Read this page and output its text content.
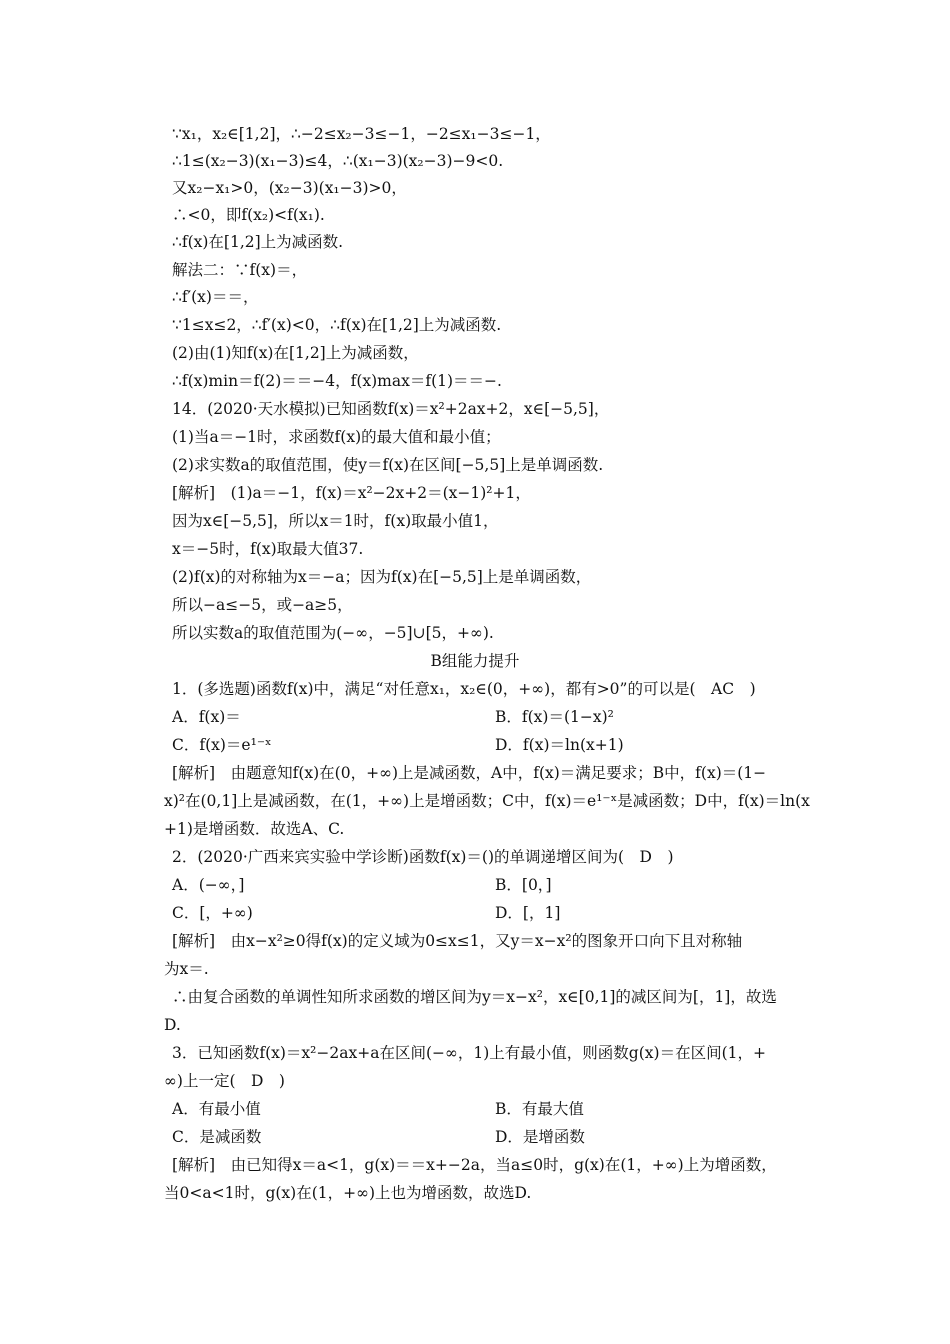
∵x₁，x₂∈[1,2]，∴−2≤x₂−3≤−1，−2≤x₁−3≤−1，
∴1≤(x₂−3)(x₁−3)≤4，∴(x₁−3)(x₂−3)−9<0.
又x₂−x₁>0，(x₂−3)(x₁−3)>0，
∴<0，即f(x₂)<f(x₁).
∴f(x)在[1,2]上为减函数.
解法二：∵f(x)＝，
∴f′(x)＝＝，
∵1≤x≤2，∴f′(x)<0，∴f(x)在[1,2]上为减函数.
(2)由(1)知f(x)在[1,2]上为减函数，
∴f(x)min＝f(2)＝＝−4，f(x)max＝f(1)＝＝−.
14．(2020·天水模拟)已知函数f(x)＝x²+2ax+2，x∈[−5,5]，
(1)当a＝−1时，求函数f(x)的最大值和最小值；
(2)求实数a的取值范围，使y＝f(x)在区间[−5,5]上是单调函数.
[解析]　(1)a＝−1，f(x)＝x²−2x+2＝(x−1)²+1，
因为x∈[−5,5]，所以x＝1时，f(x)取最小值1，
x＝−5时，f(x)取最大值37.
(2)f(x)的对称轴为x＝−a；因为f(x)在[−5,5]上是单调函数，
所以−a≤−5，或−a≥5，
所以实数a的取值范围为(−∞，−5]∪[5，+∞).
B组能力提升
1．(多选题)函数f(x)中，满足“对任意x₁，x₂∈(0，+∞)，都有>0”的可以是(　AC　)
A．f(x)＝	B．f(x)＝(1−x)²
C．f(x)＝e¹⁻ˣ	D．f(x)＝ln(x+1)
[解析]　由题意知f(x)在(0，+∞)上是减函数，A中，f(x)＝满足要求；B中，f(x)＝(1−
x)²在(0,1]上是减函数，在(1，+∞)上是增函数；C中，f(x)＝e¹⁻ˣ是减函数；D中，f(x)＝ln(x
+1)是增函数．故选A、C.
2．(2020·广西来宾实验中学诊断)函数f(x)＝()的单调递增区间为(　D　)
A．(−∞，]	B．[0，]
C．[，+∞)	D．[，1]
[解析]　由x−x²≥0得f(x)的定义域为0≤x≤1，又y＝x−x²的图象开口向下且对称轴
为x＝.
∴由复合函数的单调性知所求函数的增区间为y＝x−x²，x∈[0,1]的减区间为[，1]，故选
D.
3．已知函数f(x)＝x²−2ax+a在区间(−∞，1)上有最小值，则函数g(x)＝在区间(1，+
∞)上一定(　D　)
A．有最小值	B．有最大值
C．是减函数	D．是增函数
[解析]　由已知得x＝a<1，g(x)＝＝x+−2a，当a≤0时，g(x)在(1，+∞)上为增函数，
当0<a<1时，g(x)在(1，+∞)上也为增函数，故选D.
